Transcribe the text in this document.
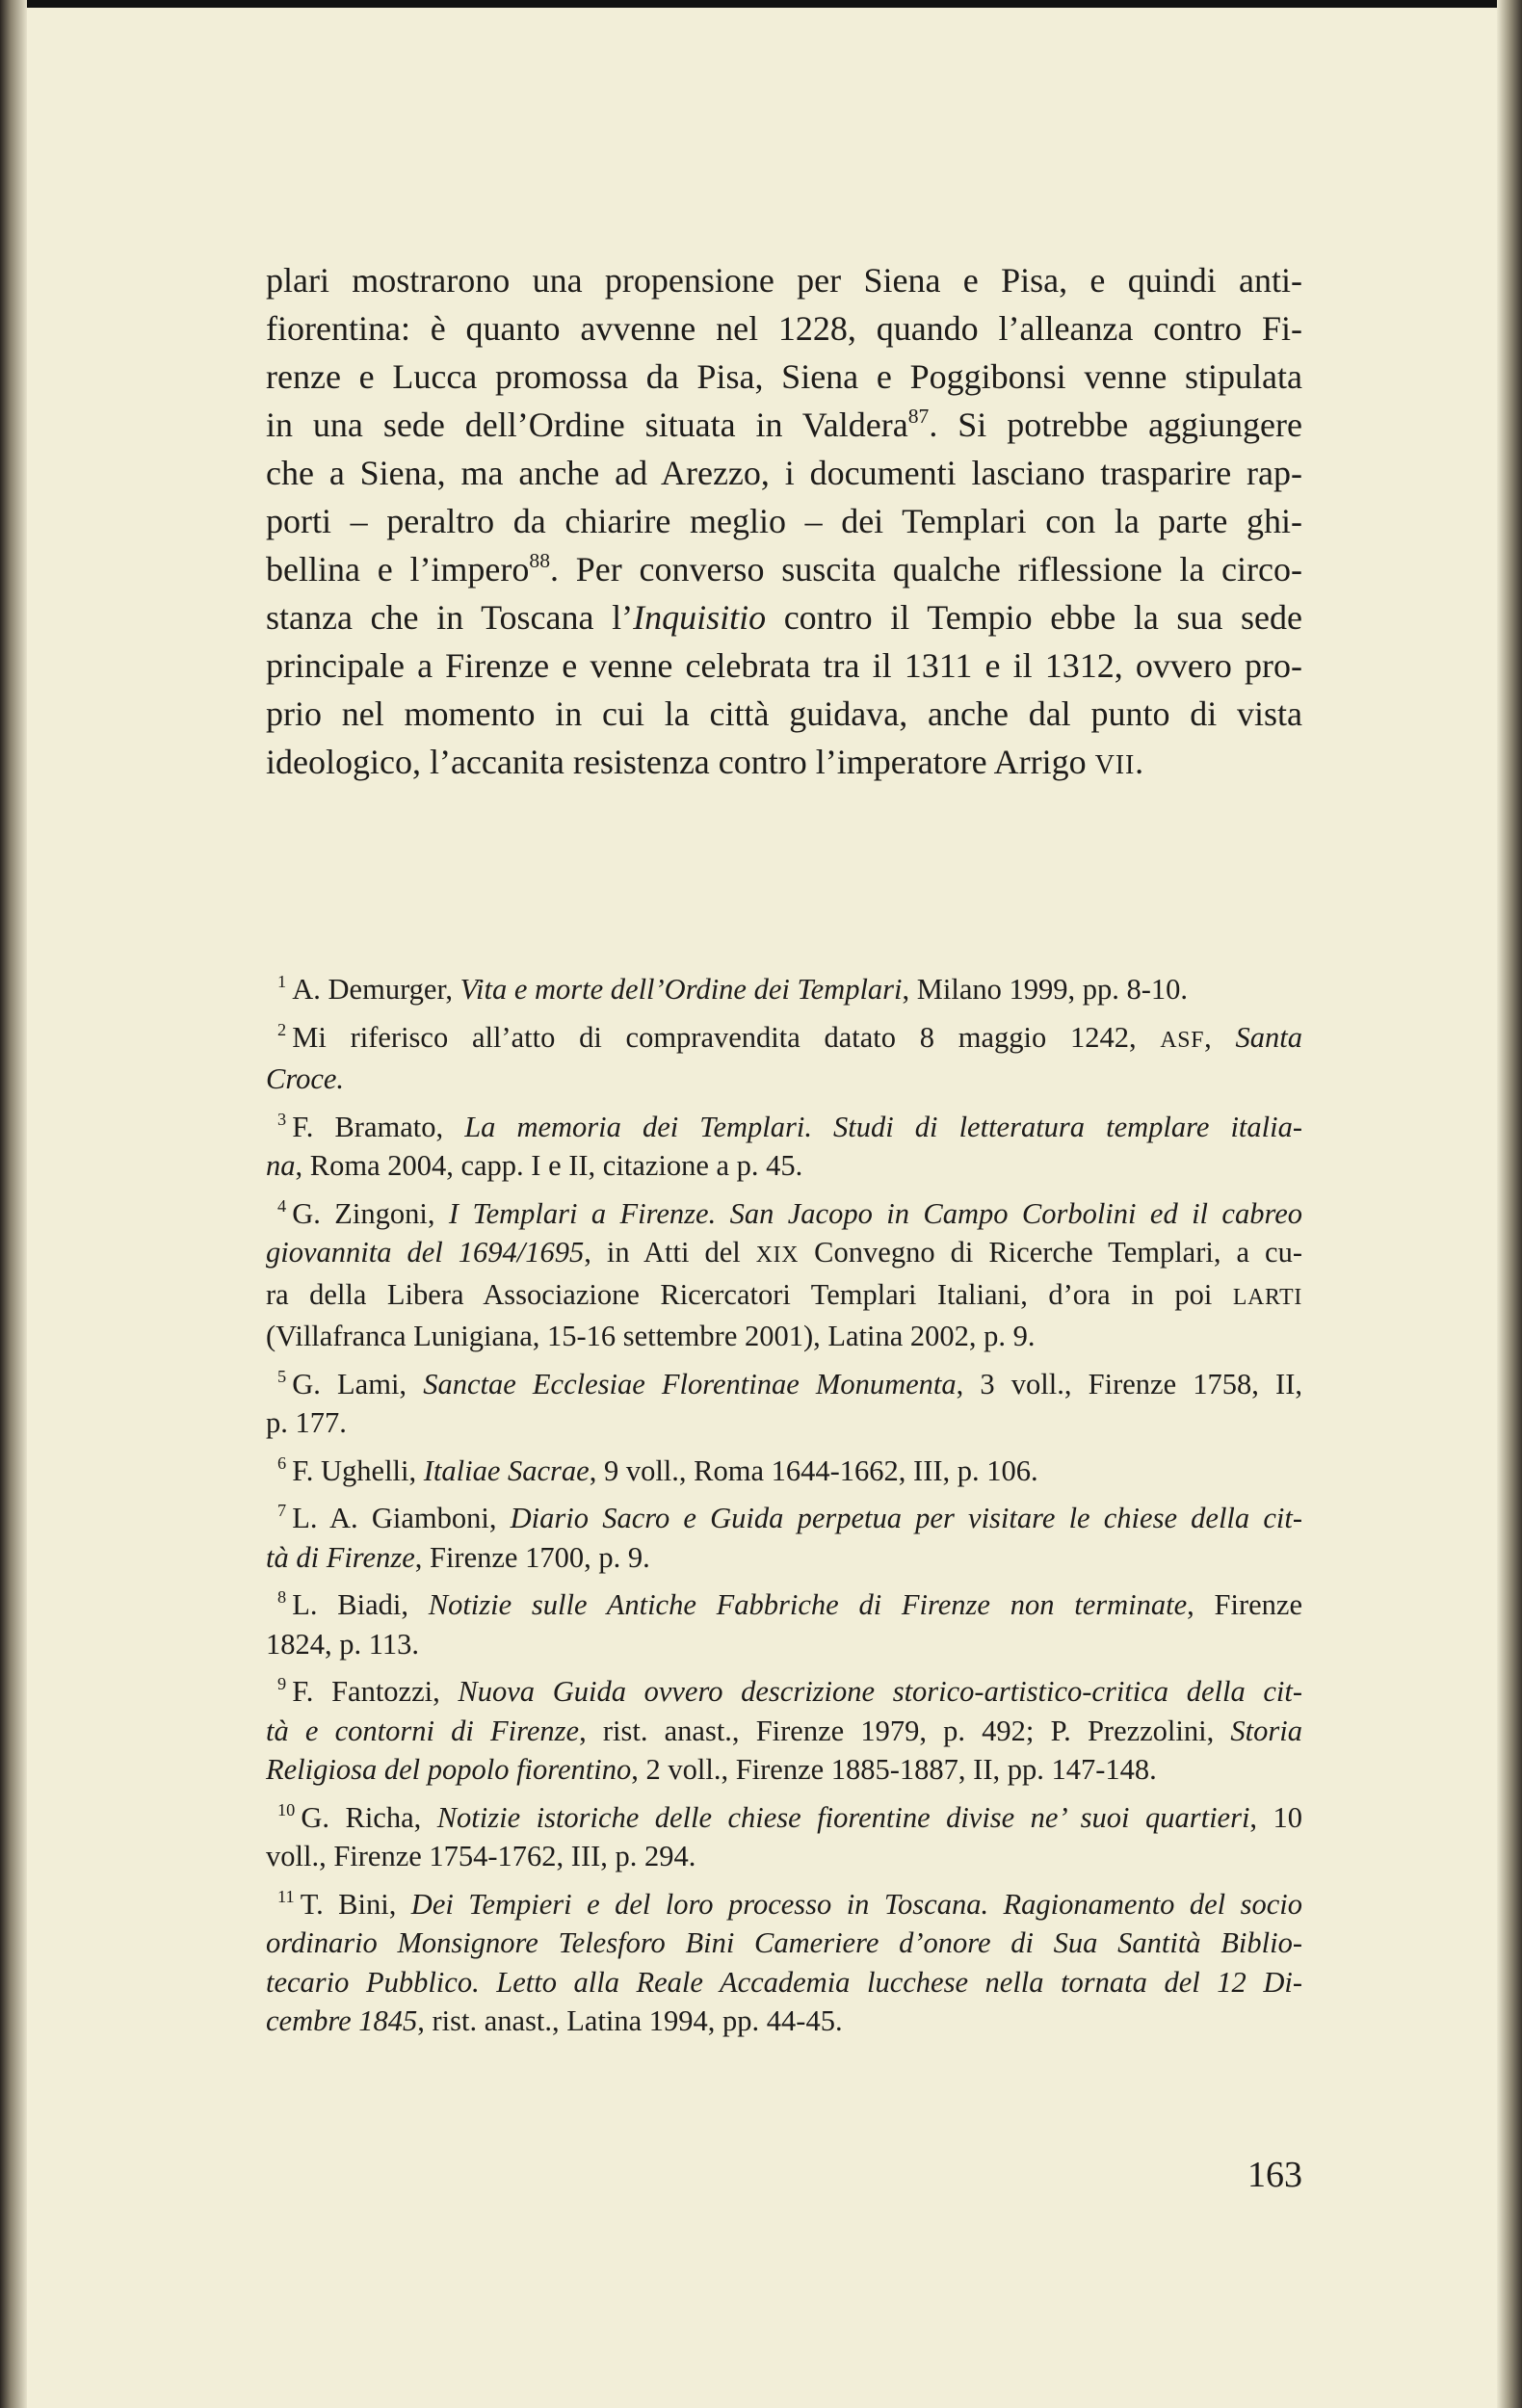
plari mostrarono una propensione per Siena e Pisa, e quindi anti-
fiorentina: è quanto avvenne nel 1228, quando l’alleanza contro Fi-
renze e Lucca promossa da Pisa, Siena e Poggibonsi venne stipulata
in una sede dell’Ordine situata in Valdera$^{87}$. Si potrebbe aggiungere
che a Siena, ma anche ad Arezzo, i documenti lasciano trasparire rap-
porti – peraltro da chiarire meglio – dei Templari con la parte ghi-
bellina e l’impero$^{88}$. Per converso suscita qualche riflessione la circo-
stanza che in Toscana l’Inquisitio contro il Tempio ebbe la sua sede
principale a Firenze e venne celebrata tra il 1311 e il 1312, ovvero pro-
prio nel momento in cui la città guidava, anche dal punto di vista
ideologico, l’accanita resistenza contro l’imperatore Arrigo VII.
$^1$  A. Demurger, Vita e morte dell’Ordine dei Templari, Milano 1999, pp. 8-10.
$^2$  Mi riferisco all’atto di compravendita datato 8 maggio 1242, ASF, Santa
Croce.
$^3$  F. Bramato, La memoria dei Templari. Studi di letteratura templare italia-
na, Roma 2004, capp. I e II, citazione a p. 45.
$^4$  G. Zingoni, I Templari a Firenze. San Jacopo in Campo Corbolini ed il cabreo
giovannita del 1694/1695, in Atti del XIX Convegno di Ricerche Templari, a cu-
ra della Libera Associazione Ricercatori Templari Italiani, d’ora in poi LARTI
(Villafranca Lunigiana, 15-16 settembre 2001), Latina 2002, p. 9.
$^5$  G. Lami, Sanctae Ecclesiae Florentinae Monumenta, 3 voll., Firenze 1758, II,
p. 177.
$^6$  F. Ughelli, Italiae Sacrae, 9 voll., Roma 1644-1662, III, p. 106.
$^7$  L. A. Giamboni, Diario Sacro e Guida perpetua per visitare le chiese della cit-
tà di Firenze, Firenze 1700, p. 9.
$^8$  L. Biadi, Notizie sulle Antiche Fabbriche di Firenze non terminate, Firenze
1824, p. 113.
$^9$  F. Fantozzi, Nuova Guida ovvero descrizione storico-artistico-critica della cit-
tà e contorni di Firenze, rist. anast., Firenze 1979, p. 492; P. Prezzolini, Storia
Religiosa del popolo fiorentino, 2 voll., Firenze 1885-1887, II, pp. 147-148.
$^{10}$  G. Richa, Notizie istoriche delle chiese fiorentine divise ne’ suoi quartieri, 10
voll., Firenze 1754-1762, III, p. 294.
$^{11}$  T. Bini, Dei Tempieri e del loro processo in Toscana. Ragionamento del socio
ordinario Monsignore Telesforo Bini Cameriere d’onore di Sua Santità Biblio-
tecario Pubblico. Letto alla Reale Accademia lucchese nella tornata del 12 Di-
cembre 1845, rist. anast., Latina 1994, pp. 44-45.
163
